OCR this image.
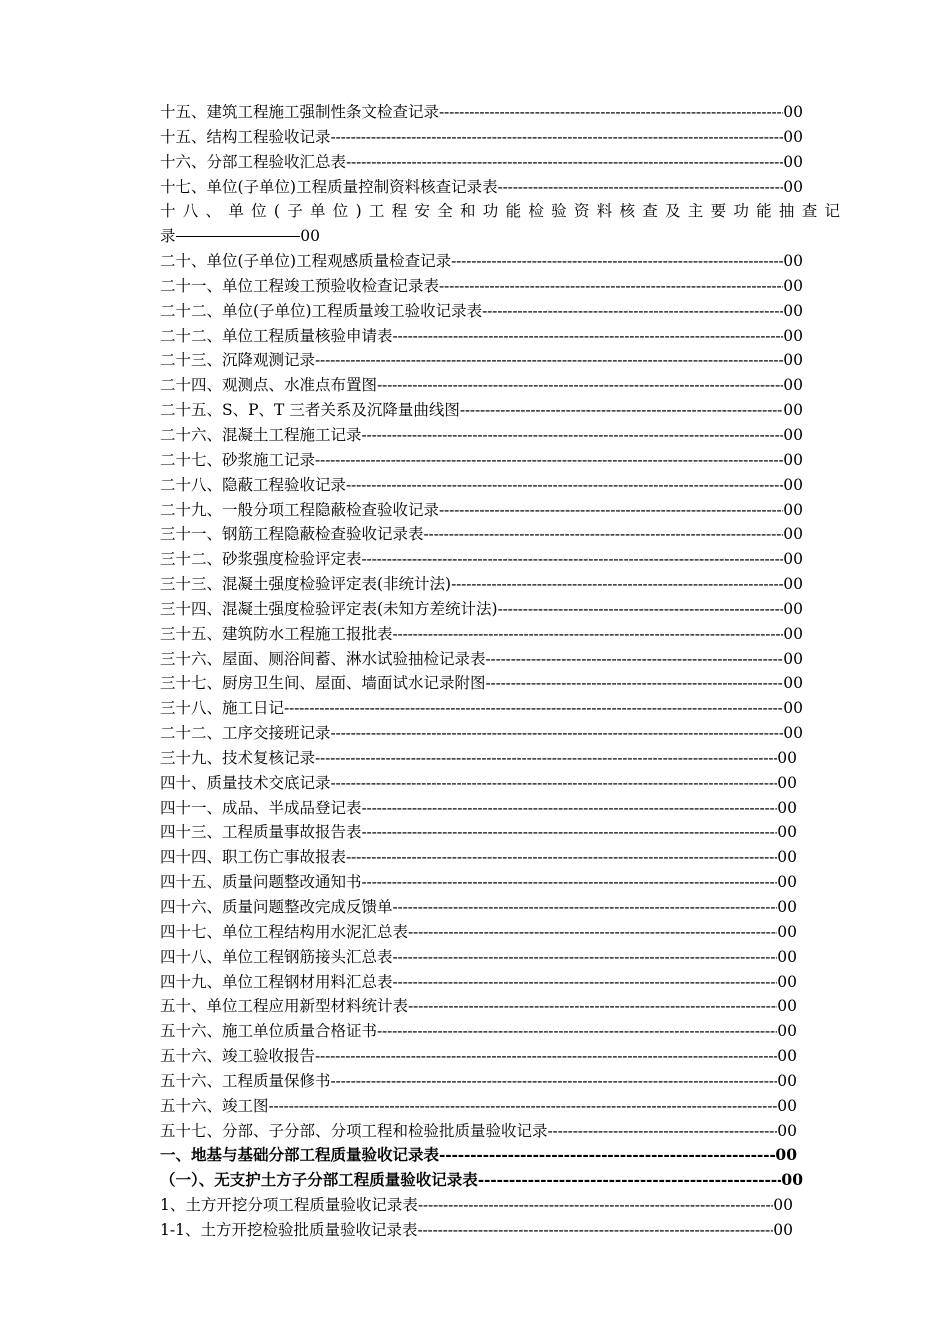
十五、建筑工程施工强制性条文检查记录 -----	00
十五、结构工程验收记录 -----	00
十六、分部工程验收汇总表 -----	00
十七、单位(子单位)工程质量控制资料核查记录表 -----	00
十八、单位(子单位)工程安全和功能检验资料核查及主要功能抽查记
录	00
二十、单位(子单位)工程观感质量检查记录 -----	00
二十一、单位工程竣工预验收检查记录表 -----	00
二十二、单位(子单位)工程质量竣工验收记录表 -----	00
二十二、单位工程质量核验申请表 -----	00
二十三、沉降观测记录 -----	00
二十四、观测点、水准点布置图 -----	00
二十五、S、P、T 三者关系及沉降量曲线图 -----	00
二十六、混凝土工程施工记录 -----	00
二十七、砂浆施工记录 -----	00
二十八、隐蔽工程验收记录 -----	00
二十九、一般分项工程隐蔽检查验收记录 -----	00
三十一、钢筋工程隐蔽检查验收记录表 -----	00
三十二、砂浆强度检验评定表 -----	00
三十三、混凝土强度检验评定表(非统计法) -----	00
三十四、混凝土强度检验评定表(未知方差统计法) -----	00
三十五、建筑防水工程施工报批表 -----	00
三十六、屋面、厕浴间蓄、淋水试验抽检记录表 -----	00
三十七、厨房卫生间、屋面、墙面试水记录附图 -----	00
三十八、施工日记 -----	00
二十二、工序交接班记录 -----	00
三十九、技术复核记录 -----	00
四十、质量技术交底记录 -----	00
四十一、成品、半成品登记表 -----	00
四十三、工程质量事故报告表 -----	00
四十四、职工伤亡事故报表 -----	00
四十五、质量问题整改通知书 -----	00
四十六、质量问题整改完成反馈单 -----	00
四十七、单位工程结构用水泥汇总表 -----	00
四十八、单位工程钢筋接头汇总表 -----	00
四十九、单位工程钢材用料汇总表 -----	00
五十、单位工程应用新型材料统计表 -----	00
五十六、施工单位质量合格证书 -----	00
五十六、竣工验收报告 -----	00
五十六、工程质量保修书 -----	00
五十六、竣工图 -----	00
五十七、分部、子分部、分项工程和检验批质量验收记录 -----	00
一、地基与基础分部工程质量验收记录表 -----	00
（一）、无支护土方子分部工程质量验收记录表 -----	00
1、土方开挖分项工程质量验收记录表 -----	00
1-1、土方开挖检验批质量验收记录表 -----	00
